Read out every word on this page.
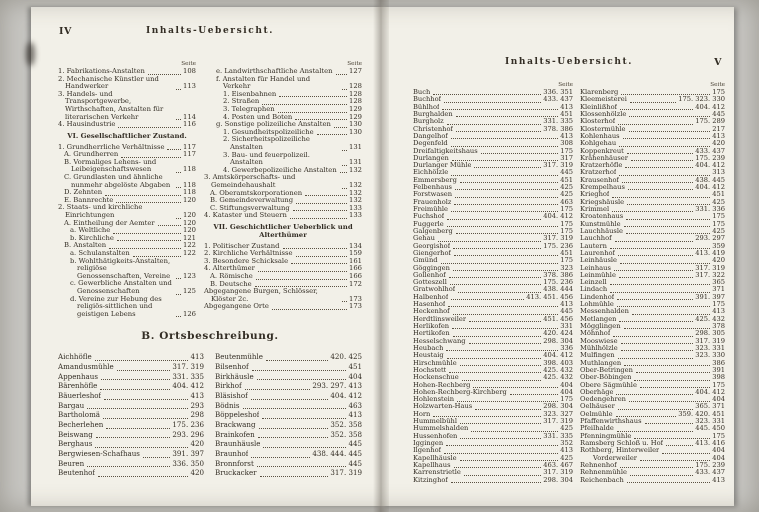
IV	Inhalts-Uebersicht.
Seite
1. Fabrikations-Anstalten	108
2. Mechanische Künstler und Handwerker	113
3. Handels- und Transportgewerbe, Wirthschaften, Anstalten für literarischen Verkehr	114
4. Hausindustrie	116
VI. Gesellschaftlicher Zustand.
1. Grundherrliche Verhältnisse	117
A. Grundherren	117
B. Vormaliges Lehens- und Leibeigenschaftswesen	118
C. Grundlasten und ähnliche nunmehr abgelöste Abgaben	118
D. Zehnten	118
E. Bannrechte	120
2. Staats- und kirchliche Einrichtungen	120
A. Eintheilung der Aemter	120
a. Weltliche	120
b. Kirchliche	121
B. Anstalten	122
a. Schulanstalten	122
b. Wohlthätigkeits-Anstalten, religiöse Genossenschaften, Vereine	123
c. Gewerbliche Anstalten und Genossenschaften	125
d. Vereine zur Hebung des religiös-sittlichen und geistigen Lebens	126
Seite
e. Landwirthschaftliche Anstalten 127
f. Anstalten für Handel und Verkehr	128
1. Eisenbahnen	128
2. Straßen	128
3. Telegraphen	129
4. Posten und Boten	129
g. Sonstige polizeiliche Anstalten	130
1. Gesundheitspolizeiliche	130
2. Sicherheitspolizeiliche Anstalten	131
3. Bau- und feuerpolizeil. Anstalten	131
4. Gewerbepolizeiliche Anstalten 132
3. Amtskörperschafts- und Gemeindehaushalt	132
A. Oberamtskorporationen	132
B. Gemeindeverwaltung	132
C. Stiftungsverwaltung	133
4. Kataster und Steuern	133
VII. Geschichtlicher Ueberblick und Alterthümer
1. Politischer Zustand	134
2. Kirchliche Verhältnisse	159
3. Besondere Schicksale	161
4. Alterthümer	166
A. Römische	166
B. Deutsche	172
Abgegangene Burgen, Schlösser, Klöster 2c.	173
Abgegangene Orte	173
B. Ortsbeschreibung.
Aichhöfle	413
Amandusmühle	317. 319
Appenhaus	331. 335
Bärenhöfle	404. 412
Bäuerleshof	413
Bargau	293
Bartholomä	298
Becherlehen	175. 236
Beiswang	293. 296
Berghaus	420
Bergwiesen-Schafhaus	391. 397
Beuren	336. 350
Beutenhof	420
Beutenmühle	420. 425
Bilsenhof	451
Birkhäusle	404
Birkhof	293. 297. 413
Bläsishof	404. 412
Bödnis	463
Böppeleshof	413
Brackwang	352. 358
Brainkofen	352. 358
Braunhäusle	445
Braunhof	438. 444. 445
Bronnforst	445
Bruckacker	317. 319
Inhalts-Uebersicht.	V
Seite
Buch	336. 351
Buchhof	433. 437
Bühlhof	413
Burghalden	451
Burgholz	331. 335
Christenhof	378. 386
Dangelhof	413
Degenfeld	308
Dreifaltigkeitshaus	175
Durlangen	317
Durlanger Mühle	317. 319
Eichhölzle	445
Emmersberg	451
Felbenhaus	425
Forstwasen	425
Frauenholz	463
Freimühle	175
Fuchshof	404. 412
Fuggerle	175
Galgenberg	175
Gehau	317. 319
Georgishof	175. 236
Giengerhof	451
Gmünd	175
Göggingen	323
Gollenhof	378. 386
Gotteszell	175. 236
Gratwohlhof	438. 444
Halbenhof	413. 451. 456
Hasenhof	413
Heckenhof	445
Herdtlinsweiler	451. 456
Herlikofen	331
Hertikofen	420. 424
Hesselschwang	298. 304
Heubach	336
Heustaig	404. 412
Hirschmühle	398. 403
Hochstett	425. 432
Hockenschue	425. 432
Hohen-Rechberg	404
Hohen-Rechberg-Kirchberg	404
Hohlenstein	175
Holzwarten-Haus	298. 304
Horn	323. 327
Hummelbühl	317. 319
Hummelshalden	425
Hussenhofen	331. 335
Iggingen	352
Ilgenhof	413
Kapellhäusle	425
Kapellhaus	463. 467
Karrenstrietle	317. 319
Kitzinghof	298. 304
Seite
Klarenberg	175
Kleemeisterei	175. 323. 330
Kleinlißhof	404. 412
Klossenhölzle	445
Klosterhof	175. 289
Klostermühle	217
Kohlenhaus	413
Kohlgehau	420
Koppenkreut	433. 437
Krähenhäuser	175. 239
Kratzerhöfle	404. 412
Kratzerhof	313
Krausenhof	438. 445
Krempelhaus	404. 412
Krieghof	451
Kriegshäusle	425
Krimmel	331. 336
Kroatenhaus	175
Kunstmühle	175
Lauchhäusle	425
Lauchhof	293. 297
Lautern	359
Laurenhof	413. 419
Leinhäusle	420
Leinhaus	317. 319
Leinmühle	317. 322
Leinzell	365
Lindach	371
Lindenhof	391. 397
Lohmühle	175
Messenhalden	413
Metlangen	425. 432
Mögglingen	378
Möhnhof	298. 305
Mooswiese	317. 319
Mühlhölzle	323. 331
Mulfingen	323. 330
Muthlangen	386
Ober-Betringen	391
Ober-Böbingen	398
Obere Sägmühle	175
Oberhäge	404. 412
Oedengehren	404
Oelhäuser	365. 371
Oelmühle	359. 420. 451
Pfaffenwirthshaus	323. 331
Pfeilhalde	445. 450
Pfenningmühle	175
Ramsberg Schloß u. Hof	413. 416
Rothberg, Hinterweiler	404
Vorderweiler	404
Rehnenhof	175. 239
Rehnenmühle	433. 437
Reichenbach	413
